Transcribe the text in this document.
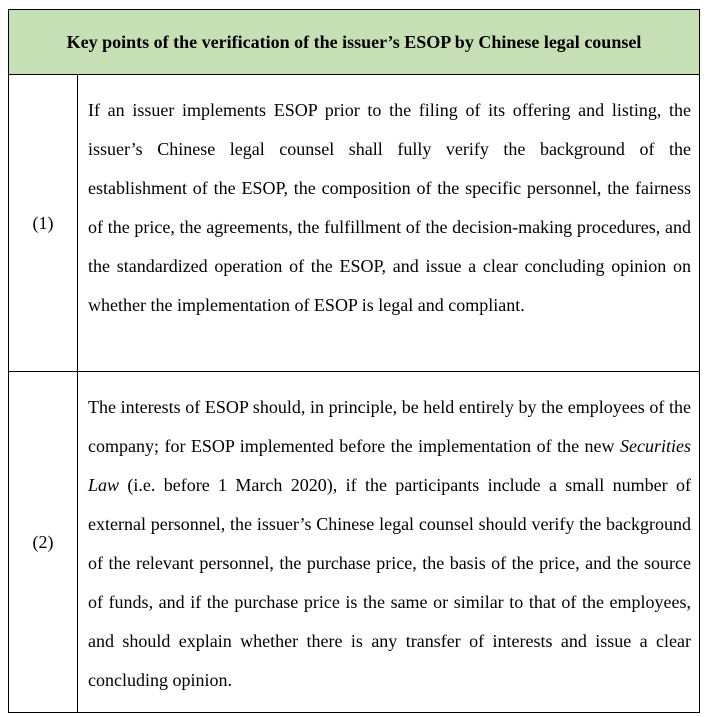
Key points of the verification of the issuer’s ESOP by Chinese legal counsel
(1)
If an issuer implements ESOP prior to the filing of its offering and listing, the issuer’s Chinese legal counsel shall fully verify the background of the establishment of the ESOP, the composition of the specific personnel, the fairness of the price, the agreements, the fulfillment of the decision-making procedures, and the standardized operation of the ESOP, and issue a clear concluding opinion on whether the implementation of ESOP is legal and compliant.
(2)
The interests of ESOP should, in principle, be held entirely by the employees of the company; for ESOP implemented before the implementation of the new Securities Law (i.e. before 1 March 2020), if the participants include a small number of external personnel, the issuer’s Chinese legal counsel should verify the background of the relevant personnel, the purchase price, the basis of the price, and the source of funds, and if the purchase price is the same or similar to that of the employees, and should explain whether there is any transfer of interests and issue a clear concluding opinion.
